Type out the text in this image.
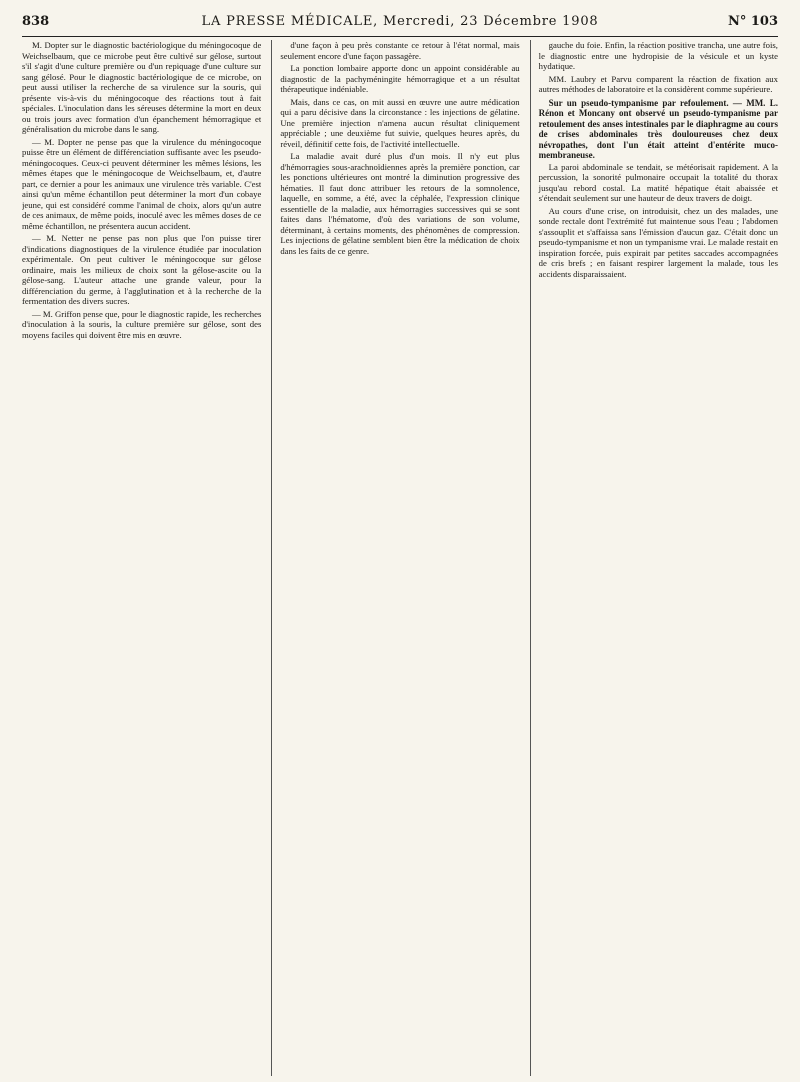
838	LA PRESSE MÉDICALE, Mercredi, 23 Décembre 1908	N° 103

M. Dopter sur le diagnostic bactériologique du méningocoque de Weichselbaum, que ce microbe peut être cultivé sur gélose, surtout s'il s'agit d'une culture première ou d'un repiquage d'une culture sur sang gélosé. Pour le diagnostic bactériologique de ce microbe, on peut aussi utiliser la recherche de sa virulence sur la souris, qui présente vis-à-vis du méningocoque des réactions tout à fait spéciales. L'inoculation dans les séreuses détermine la mort en deux ou trois jours avec formation d'un épanchement hémorragique et généralisation du microbe dans le sang.

— M. Dopter ne pense pas que la virulence du méningocoque puisse être un élément de différenciation suffisante avec les pseudo-méningocoques. Ceux-ci peuvent déterminer les mêmes lésions, les mêmes étapes que le méningocoque de Weichselbaum, et, d'autre part, ce dernier a pour les animaux une virulence très variable. C'est ainsi qu'un même échantillon peut déterminer la mort d'un cobaye jeune, qui est considéré comme l'animal de choix, alors qu'un autre de ces animaux, de même poids, inoculé avec les mêmes doses de ce même échantillon, ne présentera aucun accident.

— M. Netter ne pense pas non plus que l'on puisse tirer d'indications diagnostiques de la virulence étudiée par inoculation expérimentale. On peut cultiver le méningocoque sur gélose ordinaire, mais les milieux de choix sont la gélose-ascite ou la gélose-sang. L'auteur attache une grande valeur, pour la différenciation du germe, à l'agglutination et à la recherche de la fermentation des divers sucres.

— M. Griffon pense que, pour le diagnostic rapide, les recherches d'inoculation à la souris, la culture première sur gélose, sont des moyens faciles qui doivent être mis en œuvre.

d'une façon à peu près constante ce retour à l'état normal, mais seulement encore d'une façon passagère.

La ponction lombaire apporte donc un appoint considérable au diagnostic de la pachyméningite hémorragique et a un résultat thérapeutique indéniable.

Mais, dans ce cas, on mit aussi en œuvre une autre médication qui a paru décisive dans la circonstance : les injections de gélatine. Une première injection n'amena aucun résultat cliniquement appréciable ; une deuxième fut suivie, quelques heures après, du réveil, définitif cette fois, de l'activité intellectuelle.

La maladie avait duré plus d'un mois. Il n'y eut plus d'hémorragies sous-arachnoïdiennes après la première ponction, car les ponctions ultérieures ont montré la diminution progressive des hématies. Il faut donc attribuer les retours de la somnolence, laquelle, en somme, a été, avec la céphalée, l'expression clinique essentielle de la maladie, aux hémorragies successives qui se sont faites dans l'hématome, d'où des variations de son volume, déterminant, à certains moments, des phénomènes de compression. Les injections de gélatine semblent bien être la médication de choix dans les faits de ce genre.

gauche du foie. Enfin, la réaction positive trancha, une autre fois, le diagnostic entre une hydropisie de la vésicule et un kyste hydatique.

MM. Laubry et Parvu comparent la réaction de fixation aux autres méthodes de laboratoire et la considèrent comme supérieure.

Sur un pseudo-tympanisme par refoulement. — MM. L. Rénon et Moncany ont observé un pseudo-tympanisme par retoulement des anses intestinales par le diaphragme au cours de crises abdominales très douloureuses chez deux névropathes, dont l'un était atteint d'entérite muco-membraneuse.

La paroi abdominale se tendait, se météorisait rapidement. A la percussion, la sonorité pulmonaire occupait la totalité du thorax jusqu'au rebord costal. La matité hépatique était abaissée et s'étendait seulement sur une hauteur de deux travers de doigt.

Au cours d'une crise, on introduisit, chez un des malades, une sonde rectale dont l'extrémité fut maintenue sous l'eau ; l'abdomen s'assouplit et s'affaissa sans l'émission d'aucun gaz. C'était donc un pseudo-tympanisme et non un tympanisme vrai. Le malade restait en inspiration forcée, puis expirait par petites saccades accompagnées de cris brefs ; en faisant respirer largement la malade, tous les accidents disparaissaient.
